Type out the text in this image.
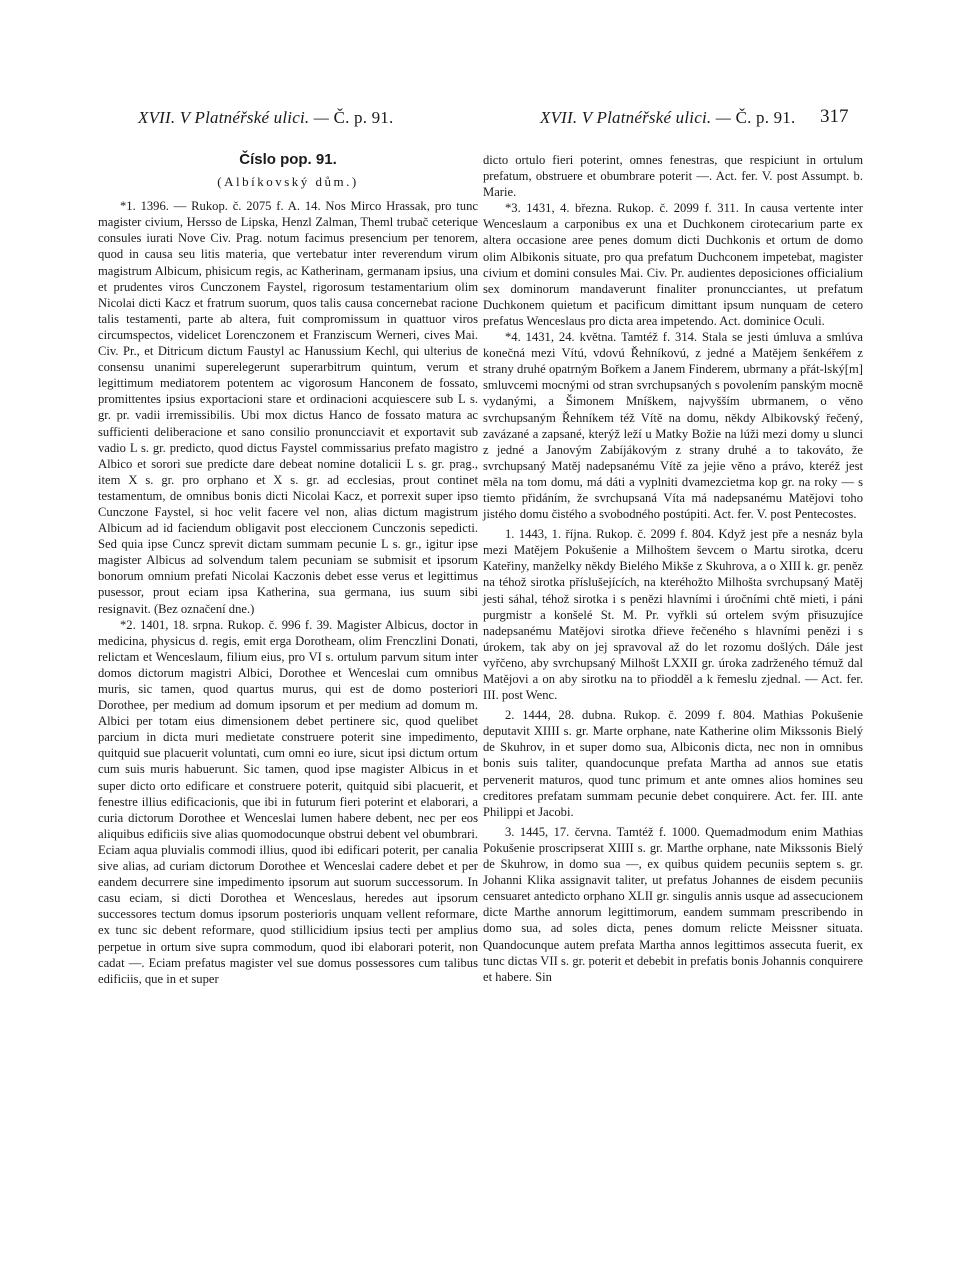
XVII. V Platnéřské ulici. — Č. p. 91.	XVII. V Platnéřské ulici. — Č. p. 91. 317
Číslo pop. 91.
(Albíkovský dům.)

*1. 1396. — Rukop. č. 2075 f. A. 14. Nos Mirco Hrassak, pro tunc magister civium, Hersso de Lipska, Henzl Zalman, Theml trubač ceterique consules iurati Nove Civ. Prag. notum facimus presencium per tenorem, quod in causa seu litis materia, que vertebatur inter reverendum virum magistrum Albicum, phisicum regis, ac Katherinam, germanam ipsius, una et prudentes viros Cunczonem Faystel, rigorosum testamentarium olim Nicolai dicti Kacz et fratrum suorum, quos talis causa concernebat racione talis testamenti, parte ab altera, fuit compromissum in quattuor viros circumspectos, videlicet Lorenczonem et Franziscum Werneri, cives Mai. Civ. Pr., et Ditricum dictum Faustyl ac Hanussium Kechl, qui ulterius de consensu unanimi superelegerunt superarbitrum quintum, verum et legittimum mediatorem potentem ac vigorosum Hanconem de fossato, promittentes ipsius exportacioni stare et ordinacioni acquiescere sub L s. gr. pr. vadii irremissibilis. Ubi mox dictus Hanco de fossato matura ac sufficienti deliberacione et sano consilio pronuncciavit et exportavit sub vadio L s. gr. predicto, quod dictus Faystel commissarius prefato magistro Albico et sorori sue predicte dare debeat nomine dotalicii L s. gr. prag., item X s. gr. pro orphano et X s. gr. ad ecclesias, prout continet testamentum, de omnibus bonis dicti Nicolai Kacz, et porrexit super ipso Cunczone Faystel, si hoc velit facere vel non, alias dictum magistrum Albicum ad id faciendum obligavit post eleccionem Cunczonis sepedicti. Sed quia ipse Cuncz sprevit dictam summam pecunie L s. gr., igitur ipse magister Albicus ad solvendum talem pecuniam se submisit et ipsorum bonorum omnium prefati Nicolai Kaczonis debet esse verus et legittimus pusessor, prout eciam ipsa Katherina, sua germana, ius suum sibi resignavit. (Bez označení dne.)

*2. 1401, 18. srpna. Rukop. č. 996 f. 39. Magister Albicus, doctor in medicina, physicus d. regis, emit erga Dorotheam, olim Frenczlini Donati, relictam et Wenceslaum, filium eius, pro VI s. ortulum parvum situm inter domos dictorum magistri Albici, Dorothee et Wenceslai cum omnibus muris, sic tamen, quod quartus murus, qui est de domo posteriori Dorothee, per medium ad domum ipsorum et per medium ad domum m. Albici per totam eius dimensionem debet pertinere sic, quod quelibet parcium in dicta muri medietate construere poterit sine impedimento, quitquid sue placuerit voluntati, cum omni eo iure, sicut ipsi dictum ortum cum suis muris habuerunt. Sic tamen, quod ipse magister Albicus in et super dicto orto edificare et construere poterit, quitquid sibi placuerit, et fenestre illius edificacionis, que ibi in futurum fieri poterint et elaborari, a curia dictorum Dorothee et Wenceslai lumen habere debent, nec per eos aliquibus edificiis sive alias quomodocunque obstrui debent vel obumbrari. Eciam aqua pluvialis commodi illius, quod ibi edificari poterit, per canalia sive alias, ad curiam dictorum Dorothee et Wenceslai cadere debet et per eandem decurrere sine impedimento ipsorum aut suorum successorum. In casu eciam, si dicti Dorothea et Wenceslaus, heredes aut ipsorum successores tectum domus ipsorum posterioris unquam vellent reformare, ex tunc sic debent reformare, quod stillicidium ipsius tecti per amplius perpetue in ortum sive supra commodum, quod ibi elaborari poterit, non cadat —. Eciam prefatus magister vel sue domus possessores cum talibus edificiis, que in et super

dicto ortulo fieri poterint, omnes fenestras, que respiciunt in ortulum prefatum, obstruere et obumbrare poterit —. Act. fer. V. post Assumpt. b. Marie.

*3. 1431, 4. března. Rukop. č. 2099 f. 311. In causa vertente inter Wenceslaum a carponibus ex una et Duchkonem cirotecarium parte ex altera occasione aree penes domum dicti Duchkonis et ortum de domo olim Albikonis situate, pro qua prefatum Duchconem impetebat, magister civium et domini consules Mai. Civ. Pr. audientes deposiciones officialium sex dominorum mandaverunt finaliter pronuncciantes, ut prefatum Duchkonem quietum et pacificum dimittant ipsum nunquam de cetero prefatus Wenceslaus pro dicta area impetendo. Act. dominice Oculi.

*4. 1431, 24. května. Tamtéž f. 314. Stala se jesti úmluva a smlúva konečná mezi Vítú, vdovú Řehníkovú, z jedné a Matějem šenkéřem z strany druhé opatrným Bořkem a Janem Finderem, ubrmany a přát-lský[m] smluvcemi mocnými od stran svrchupsaných s povolením panským mocně vydanými, a Šimonem Mníškem, najvyšším ubrmanem, o věno svrchupsaným Řehníkem též Vítě na domu, někdy Albikovský řečený, zavázané a zapsané, kterýž leží u Matky Božie na lúži mezi domy u slunci z jedné a Janovým Zabíjákovým z strany druhé a to takováto, že svrchupsaný Matěj nadepsanému Vítě za jejie věno a právo, kteréž jest měla na tom domu, má dáti a vyplniti dvamezcietma kop gr. na roky — s tiemto přidáním, že svrchupsaná Víta má nadepsanému Matějovi toho jistého domu čistého a svobodného postúpiti. Act. fer. V. post Pentecostes.

1. 1443, 1. října. Rukop. č. 2099 f. 804. Když jest pře a nesnáz byla mezi Matějem Pokušenie a Milhoštem ševcem o Martu sirotka, dceru Kateřiny, manželky někdy Bielého Mikše z Skuhrova, a o XIII k. gr. peněz na téhož sirotka příslušejících, na kteréhožto Milhošta svrchupsaný Matěj jesti sáhal, téhož sirotka i s penězi hlavními i úročními chtě mieti, i páni purgmistr a konšelé St. M. Pr. vyřkli sú ortelem svým přisuzujíce nadepsanému Matějovi sirotka dřieve řečeného s hlavními penězi i s úrokem, tak aby on jej spravoval až do let rozomu došlých. Dále jest vyřčeno, aby svrchupsaný Milhošt LXXII gr. úroka zadrženého témuž dal Matějovi a on aby sirotku na to přiodděl a k řemeslu zjednal. — Act. fer. III. post Wenc.

2. 1444, 28. dubna. Rukop. č. 2099 f. 804. Mathias Pokušenie deputavit XIIII s. gr. Marte orphane, nate Katherine olim Mikssonis Bielý de Skuhrov, in et super domo sua, Albiconis dicta, nec non in omnibus bonis suis taliter, quandocunque prefata Martha ad annos sue etatis pervenerit maturos, quod tunc primum et ante omnes alios homines seu creditores prefatam summam pecunie debet conquirere. Act. fer. III. ante Philippi et Jacobi.

3. 1445, 17. června. Tamtéž f. 1000. Quemadmodum enim Mathias Pokušenie proscripserat XIIII s. gr. Marthe orphane, nate Mikssonis Bielý de Skuhrow, in domo sua —, ex quibus quidem pecuniis septem s. gr. Johanni Klika assignavit taliter, ut prefatus Johannes de eisdem pecuniis censuaret antedicto orphano XLII gr. singulis annis usque ad assecucionem dicte Marthe annorum legittimorum, eandem summam prescribendo in domo sua, ad soles dicta, penes domum relicte Meissner situata. Quandocunque autem prefata Martha annos legittimos assecuta fuerit, ex tunc dictas VII s. gr. poterit et debebit in prefatis bonis Johannis conquirere et habere. Sin
